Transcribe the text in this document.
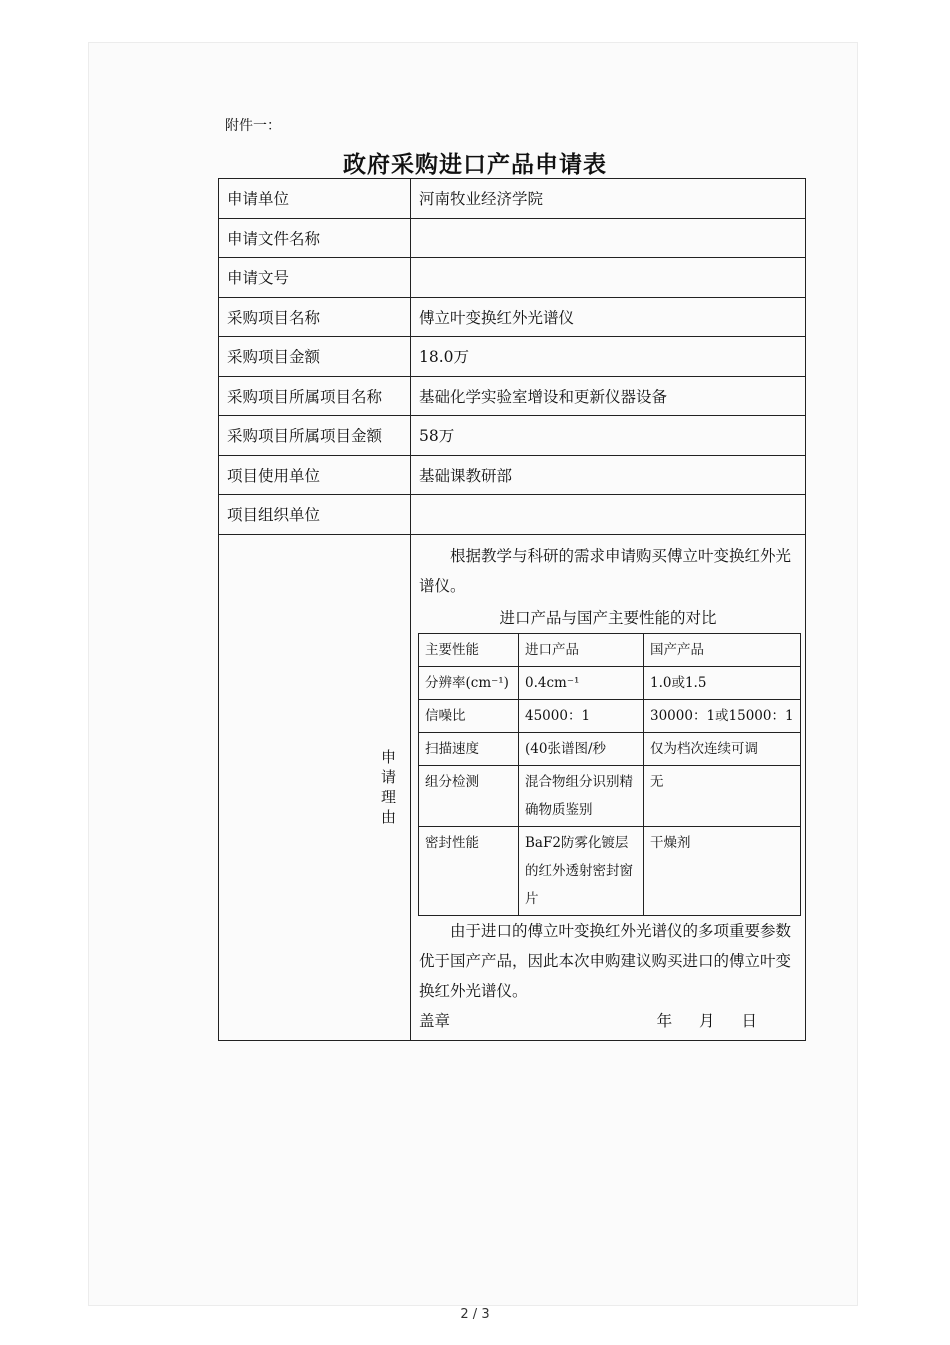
附件一：
政府采购进口产品申请表
申请单位	河南牧业经济学院
申请文件名称	
申请文号	
采购项目名称	傅立叶变换红外光谱仪
采购项目金额	18.0万
采购项目所属项目名称	基础化学实验室增设和更新仪器设备
采购项目所属项目金额	58万
项目使用单位	基础课教研部
项目组织单位	
申请理由	

根据教学与科研的需求申请购买傅立叶变换红外光谱仪。

进口产品与国产主要性能的对比

主要性能	进口产品	国产产品
分辨率(cm⁻¹)	0.4cm⁻¹	1.0或1.5
信噪比	45000：1	30000：1或15000：1
扫描速度	(40张谱图/秒	仅为档次连续可调
组分检测	混合物组分识别精确物质鉴别	无
密封性能	BaF2防雾化镀层的红外透射密封窗片	干燥剂

由于进口的傅立叶变换红外光谱仪的多项重要参数优于国产产品，因此本次申购建议购买进口的傅立叶变换红外光谱仪。

盖章	年 月 日
2 / 3
